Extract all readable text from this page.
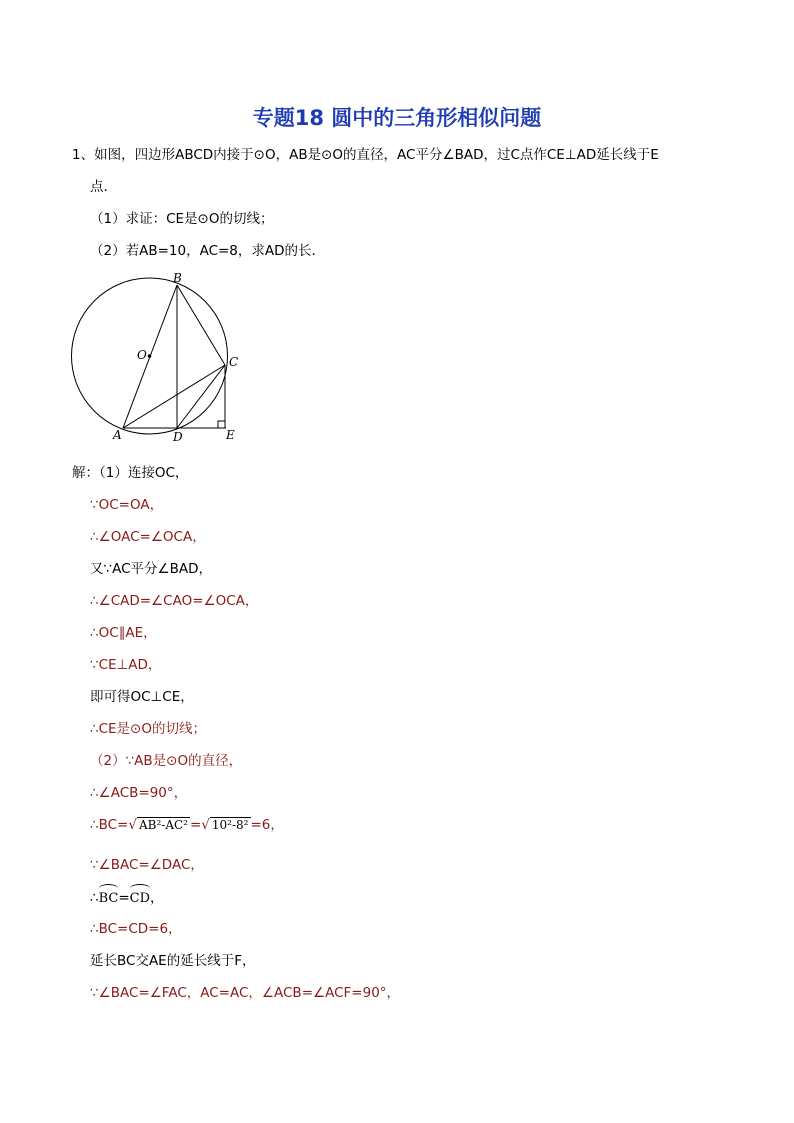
专题18 圆中的三角形相似问题
1、如图，四边形ABCD内接于⊙O，AB是⊙O的直径，AC平分∠BAD，过C点作CE⊥AD延长线于E
点．
（1）求证：CE是⊙O的切线；
（2）若AB=10，AC=8，求AD的长．
B
O	C
A	D	E
解：（1）连接OC，
∵OC=OA，
∴∠OAC=∠OCA，
又∵AC平分∠BAD，
∴∠CAD=∠CAO=∠OCA，
∴OC∥AE，
∵CE⊥AD，
即可得OC⊥CE，
∴CE是⊙O的切线；
（2）∵AB是⊙O的直径，
∴∠ACB=90°，
∴BC=√ AB²-AC² =√ 10²-8² =6，
∵∠BAC=∠DAC，
∴BC=CD，
∴BC=CD=6，
延长BC交AE的延长线于F，
∵∠BAC=∠FAC，AC=AC，∠ACB=∠ACF=90°，
